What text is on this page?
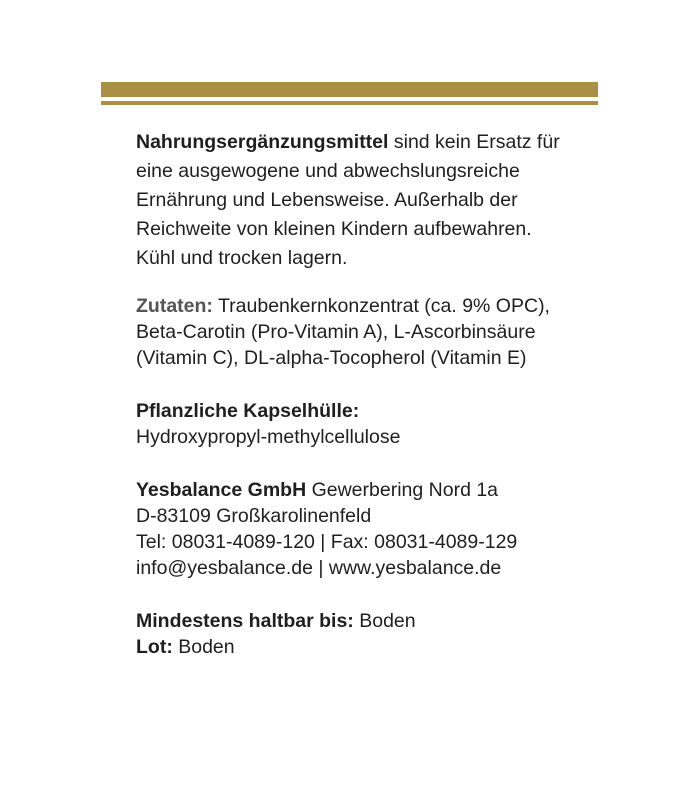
Nahrungsergänzungsmittel sind kein Ersatz für
eine ausgewogene und abwechslungsreiche
Ernährung und Lebensweise. Außerhalb der
Reichweite von kleinen Kindern aufbewahren.
Kühl und trocken lagern.

Zutaten: Traubenkernkonzentrat (ca. 9% OPC),
Beta-Carotin (Pro-Vitamin A), L-Ascorbinsäure
(Vitamin C), DL-alpha-Tocopherol (Vitamin E)

Pflanzliche Kapselhülle:
Hydroxypropyl-methylcellulose

Yesbalance GmbH Gewerbering Nord 1a
D-83109 Großkarolinenfeld
Tel: 08031-4089-120 | Fax: 08031-4089-129
info@yesbalance.de | www.yesbalance.de

Mindestens haltbar bis: Boden
Lot: Boden
